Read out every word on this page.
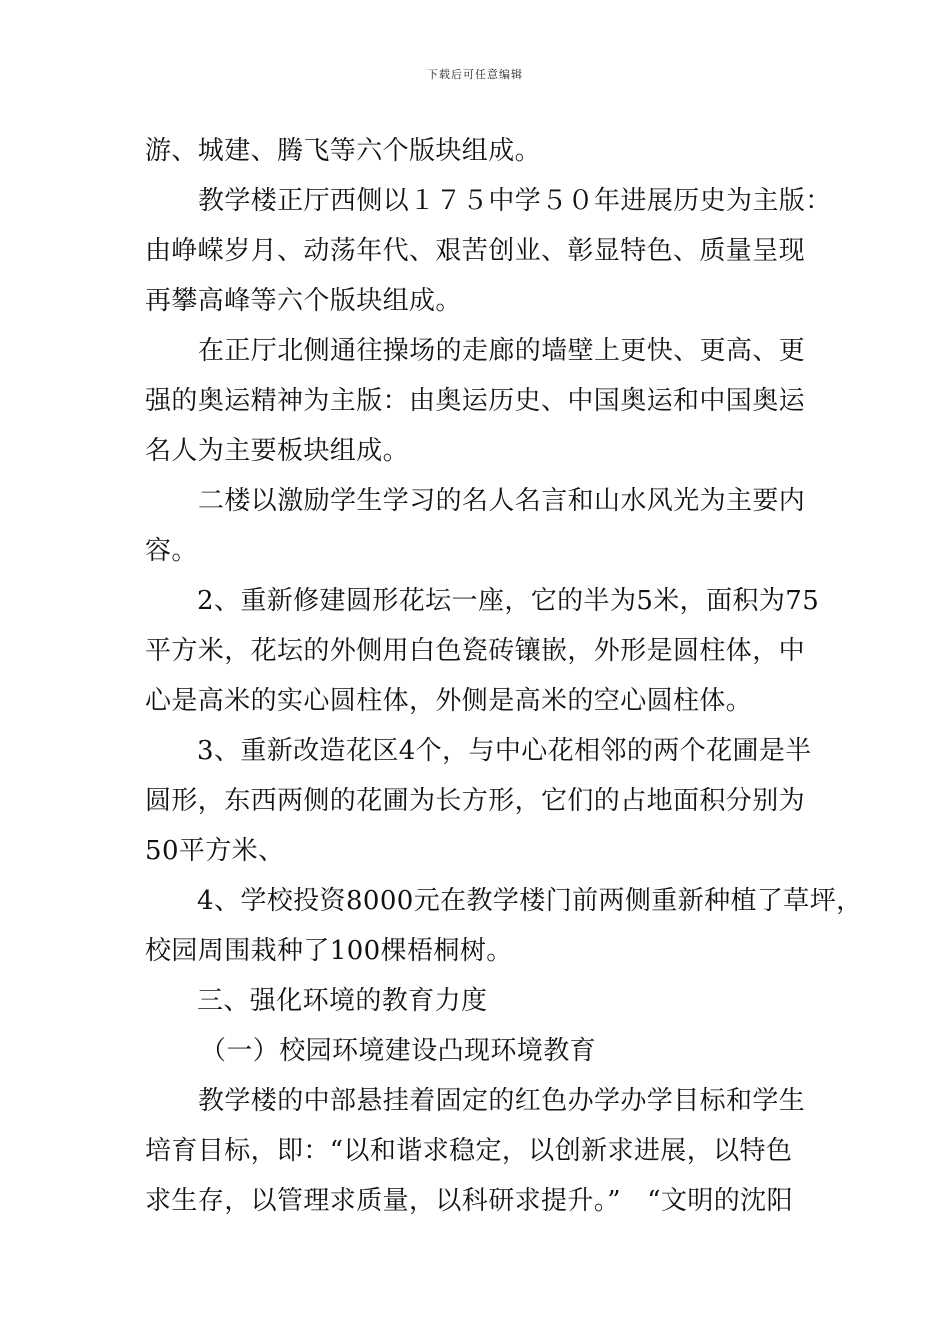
下载后可任意编辑
游、城建、腾飞等六个版块组成。
教学楼正厅西侧以１７５中学５０年进展历史为主版：
由峥嵘岁月、动荡年代、艰苦创业、彰显特色、质量呈现
再攀高峰等六个版块组成。
在正厅北侧通往操场的走廊的墙壁上更快、更高、更
强的奥运精神为主版：由奥运历史、中国奥运和中国奥运
名人为主要板块组成。
二楼以激励学生学习的名人名言和山水风光为主要内
容。
2、重新修建圆形花坛一座，它的半为5米，面积为75
平方米，花坛的外侧用白色瓷砖镶嵌，外形是圆柱体，中
心是高米的实心圆柱体，外侧是高米的空心圆柱体。
3、重新改造花区4个，与中心花相邻的两个花圃是半
圆形，东西两侧的花圃为长方形，它们的占地面积分别为
50平方米、
4、学校投资8000元在教学楼门前两侧重新种植了草坪，
校园周围栽种了100棵梧桐树。
三、强化环境的教育力度
（一）校园环境建设凸现环境教育
教学楼的中部悬挂着固定的红色办学办学目标和学生
培育目标，即：“以和谐求稳定，以创新求进展，以特色
求生存，以管理求质量，以科研求提升。”　“文明的沈阳
